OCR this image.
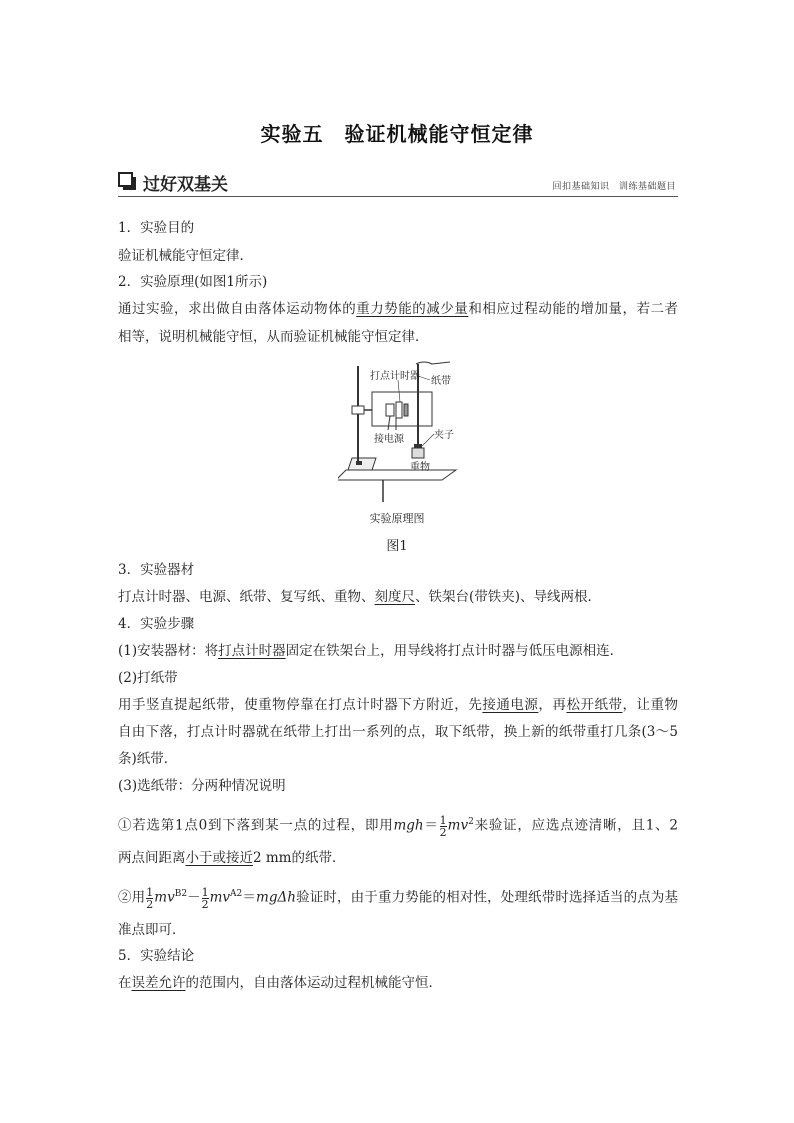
实验五　验证机械能守恒定律
过好双基关	回扣基础知识　训练基础题目
1．实验目的
验证机械能守恒定律．
2．实验原理(如图1所示)
通过实验，求出做自由落体运动物体的重力势能的减少量和相应过程动能的增加量，若二者
相等，说明机械能守恒，从而验证机械能守恒定律．
打点计时器 纸带
接电源	夹子
重物
实验原理图
图1
3．实验器材
打点计时器、电源、纸带、复写纸、重物、刻度尺、铁架台(带铁夹)、导线两根．
4．实验步骤
(1)安装器材：将打点计时器固定在铁架台上，用导线将打点计时器与低压电源相连．
(2)打纸带
用手竖直提起纸带，使重物停靠在打点计时器下方附近，先接通电源，再松开纸带，让重物
自由下落，打点计时器就在纸带上打出一系列的点，取下纸带，换上新的纸带重打几条(3～5
条)纸带．
(3)选纸带：分两种情况说明
①若选第1点0到下落到某一点的过程，即用$mgh= \frac{1}{2} mv^2$来验证，应选点迹清晰，且1、2
两点间距离小于或接近2 mm的纸带．
②用 $\frac{1}{2} mv^{B2}- \frac{1}{2} mv^{A2}=mg\Delta h$验证时，由于重力势能的相对性，处理纸带时选择适当的点为基
准点即可．
5．实验结论
在误差允许的范围内，自由落体运动过程机械能守恒．
